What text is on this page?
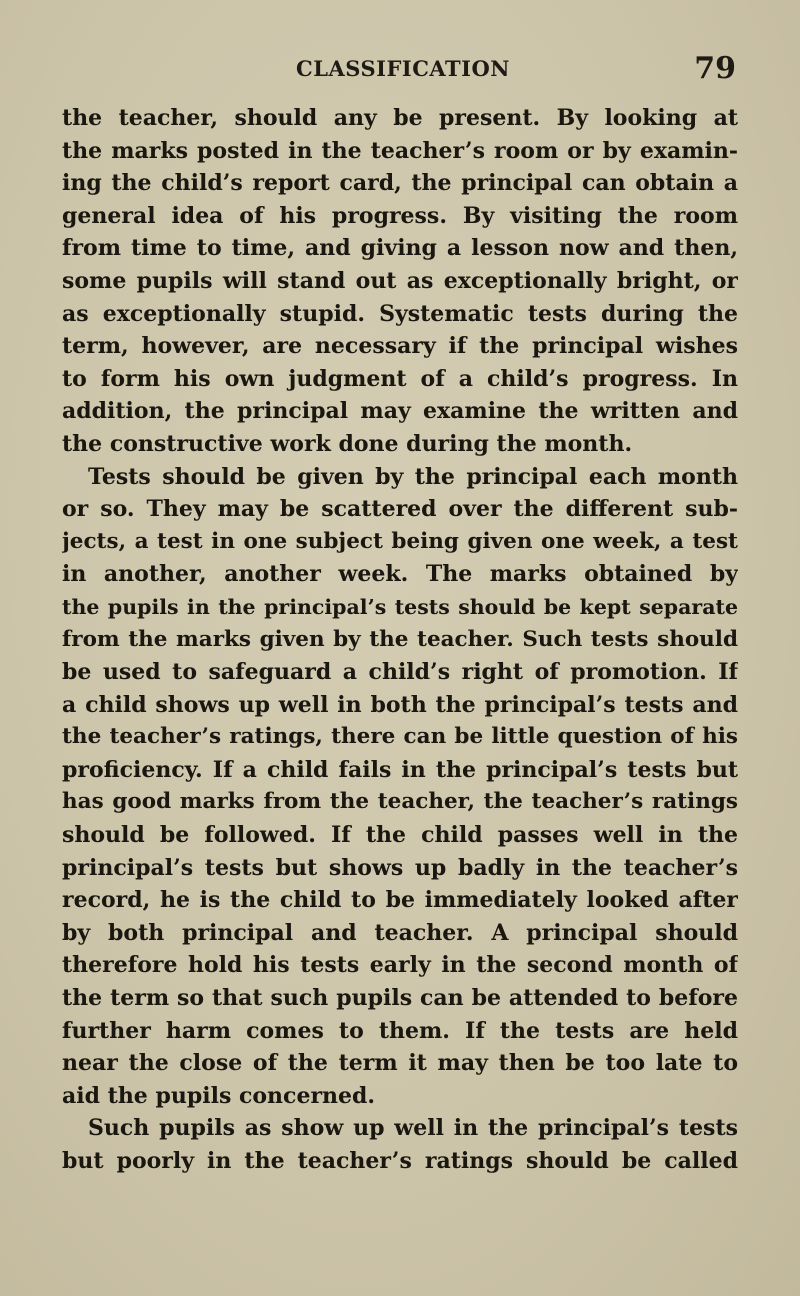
CLASSIFICATION	79
the teacher, should any be present. By looking at
the marks posted in the teacher’s room or by examin-
ing the child’s report card, the principal can obtain a
general idea of his progress. By visiting the room
from time to time, and giving a lesson now and then,
some pupils will stand out as exceptionally bright, or
as exceptionally stupid. Systematic tests during the
term, however, are necessary if the principal wishes
to form his own judgment of a child’s progress. In
addition, the principal may examine the written and
the constructive work done during the month.
Tests should be given by the principal each month
or so. They may be scattered over the different sub-
jects, a test in one subject being given one week, a test
in another, another week. The marks obtained by
the pupils in the principal’s tests should be kept separate
from the marks given by the teacher. Such tests should
be used to safeguard a child’s right of promotion. If
a child shows up well in both the principal’s tests and
the teacher’s ratings, there can be little question of his
proficiency. If a child fails in the principal’s tests but
has good marks from the teacher, the teacher’s ratings
should be followed. If the child passes well in the
principal’s tests but shows up badly in the teacher’s
record, he is the child to be immediately looked after
by both principal and teacher. A principal should
therefore hold his tests early in the second month of
the term so that such pupils can be attended to before
further harm comes to them. If the tests are held
near the close of the term it may then be too late to
aid the pupils concerned.
Such pupils as show up well in the principal’s tests
but poorly in the teacher’s ratings should be called
